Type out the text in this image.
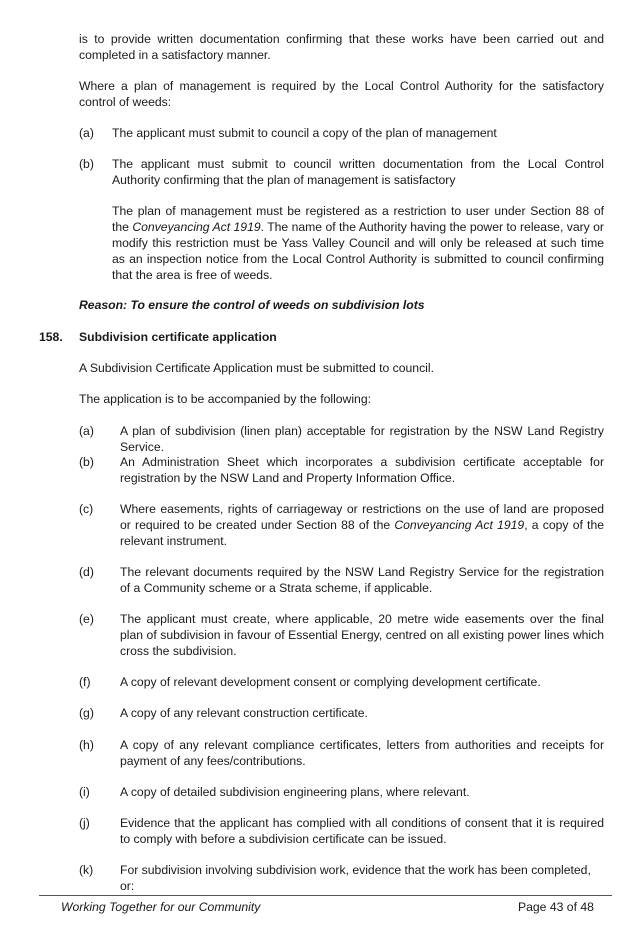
is to provide written documentation confirming that these works have been carried out and completed in a satisfactory manner.

Where a plan of management is required by the Local Control Authority for the satisfactory control of weeds:

(a) The applicant must submit to council a copy of the plan of management

(b) The applicant must submit to council written documentation from the Local Control Authority confirming that the plan of management is satisfactory

The plan of management must be registered as a restriction to user under Section 88 of the Conveyancing Act 1919. The name of the Authority having the power to release, vary or modify this restriction must be Yass Valley Council and will only be released at such time as an inspection notice from the Local Control Authority is submitted to council confirming that the area is free of weeds.

Reason: To ensure the control of weeds on subdivision lots

158. Subdivision certificate application

A Subdivision Certificate Application must be submitted to council.

The application is to be accompanied by the following:

(a) A plan of subdivision (linen plan) acceptable for registration by the NSW Land Registry Service.

(b) An Administration Sheet which incorporates a subdivision certificate acceptable for registration by the NSW Land and Property Information Office.

(c) Where easements, rights of carriageway or restrictions on the use of land are proposed or required to be created under Section 88 of the Conveyancing Act 1919, a copy of the relevant instrument.

(d) The relevant documents required by the NSW Land Registry Service for the registration of a Community scheme or a Strata scheme, if applicable.

(e) The applicant must create, where applicable, 20 metre wide easements over the final plan of subdivision in favour of Essential Energy, centred on all existing power lines which cross the subdivision.

(f) A copy of relevant development consent or complying development certificate.

(g) A copy of any relevant construction certificate.

(h) A copy of any relevant compliance certificates, letters from authorities and receipts for payment of any fees/contributions.

(i) A copy of detailed subdivision engineering plans, where relevant.

(j) Evidence that the applicant has complied with all conditions of consent that it is required to comply with before a subdivision certificate can be issued.

(k) For subdivision involving subdivision work, evidence that the work has been completed, or:

Working Together for our Community	Page 43 of 48
